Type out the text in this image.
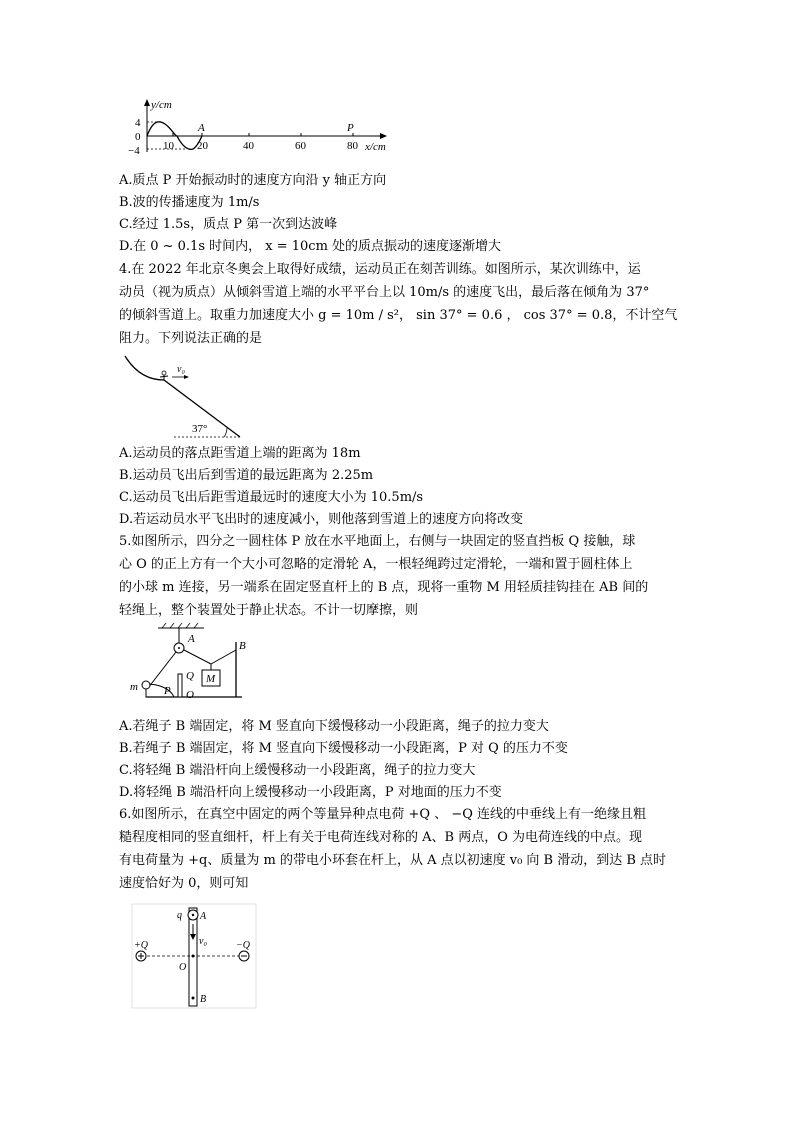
y/cm
x/cm
4
0
−4 10 20	40	60	80
A	P
A.质点 P 开始振动时的速度方向沿 y 轴正方向
B.波的传播速度为 1m/s
C.经过 1.5s，质点 P 第一次到达波峰
D.在 0 ~ 0.1s 时间内， x = 10cm 处的质点振动的速度逐渐增大
4.在 2022 年北京冬奥会上取得好成绩，运动员正在刻苦训练。如图所示，某次训练中，运
动员（视为质点）从倾斜雪道上端的水平平台上以 10m/s 的速度飞出，最后落在倾角为 37°
的倾斜雪道上。取重力加速度大小 g = 10m / s²， sin 37° = 0.6 ， cos 37° = 0.8，不计空气
阻力。下列说法正确的是
v₀
37°
A.运动员的落点距雪道上端的距离为 18m
B.运动员飞出后到雪道的最远距离为 2.25m
C.运动员飞出后距雪道最远时的速度大小为 10.5m/s
D.若运动员水平飞出时的速度减小，则他落到雪道上的速度方向将改变
5.如图所示，四分之一圆柱体 P 放在水平地面上，右侧与一块固定的竖直挡板 Q 接触，球
心 O 的正上方有一个大小可忽略的定滑轮 A，一根轻绳跨过定滑轮，一端和置于圆柱体上
的小球 m 连接，另一端系在固定竖直杆上的 B 点，现将一重物 M 用轻质挂钩挂在 AB 间的
轻绳上，整个装置处于静止状态。不计一切摩擦，则
A
B
M
Q
P O
m
A.若绳子 B 端固定，将 M 竖直向下缓慢移动一小段距离，绳子的拉力变大
B.若绳子 B 端固定，将 M 竖直向下缓慢移动一小段距离，P 对 Q 的压力不变
C.将轻绳 B 端沿杆向上缓慢移动一小段距离，绳子的拉力变大
D.将轻绳 B 端沿杆向上缓慢移动一小段距离，P 对地面的压力不变
6.如图所示，在真空中固定的两个等量异种点电荷 +Q 、 −Q 连线的中垂线上有一绝缘且粗
糙程度相同的竖直细杆，杆上有关于电荷连线对称的 A、B 两点，O 为电荷连线的中点。现
有电荷量为 +q、质量为 m 的带电小环套在杆上，从 A 点以初速度 v₀ 向 B 滑动，到达 B 点时
速度恰好为 0，则可知
q A
v₀
+Q	−Q
O
B
